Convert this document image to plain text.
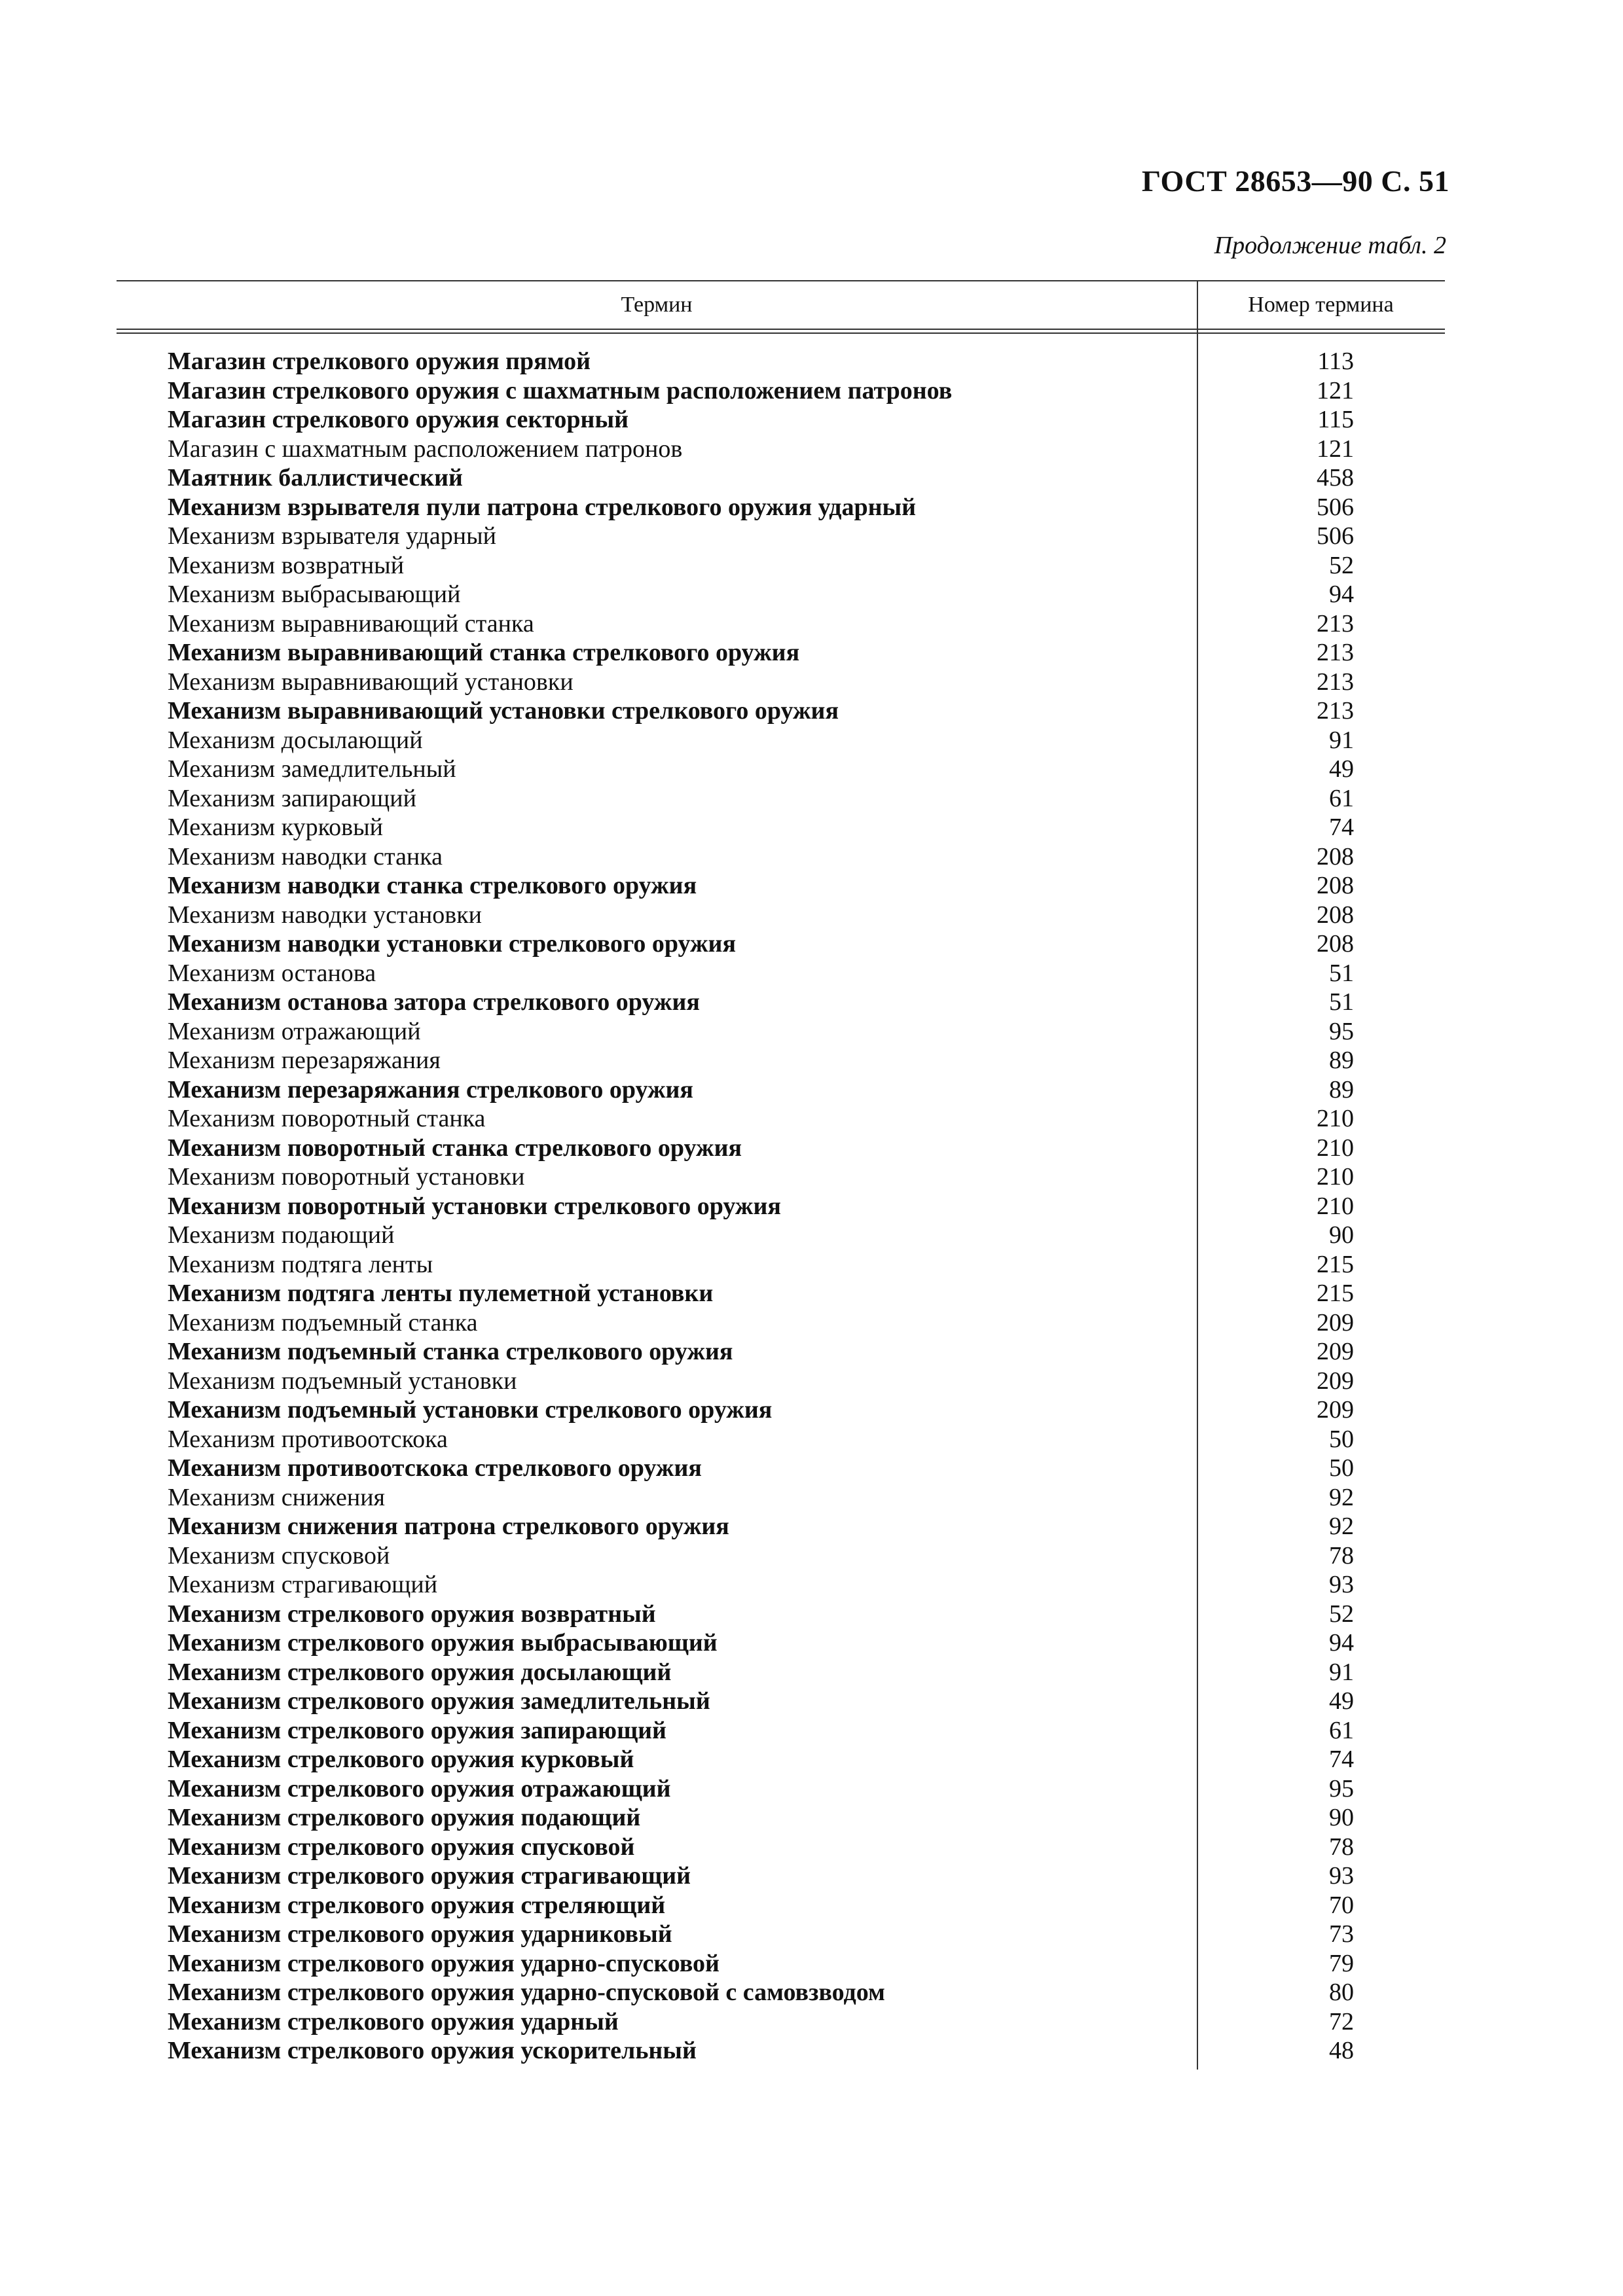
ГОСТ 28653—90 С. 51
Продолжение табл. 2
Термин	Номер термина
Магазин стрелкового оружия прямой	113
Магазин стрелкового оружия с шахматным расположением патронов	121
Магазин стрелкового оружия секторный	115
Магазин с шахматным расположением патронов	121
Маятник баллистический	458
Механизм взрывателя пули патрона стрелкового оружия ударный	506
Механизм взрывателя ударный	506
Механизм возвратный	52
Механизм выбрасывающий	94
Механизм выравнивающий станка	213
Механизм выравнивающий станка стрелкового оружия	213
Механизм выравнивающий установки	213
Механизм выравнивающий установки стрелкового оружия	213
Механизм досылающий	91
Механизм замедлительный	49
Механизм запирающий	61
Механизм курковый	74
Механизм наводки станка	208
Механизм наводки станка стрелкового оружия	208
Механизм наводки установки	208
Механизм наводки установки стрелкового оружия	208
Механизм останова	51
Механизм останова затора стрелкового оружия	51
Механизм отражающий	95
Механизм перезаряжания	89
Механизм перезаряжания стрелкового оружия	89
Механизм поворотный станка	210
Механизм поворотный станка стрелкового оружия	210
Механизм поворотный установки	210
Механизм поворотный установки стрелкового оружия	210
Механизм подающий	90
Механизм подтяга ленты	215
Механизм подтяга ленты пулеметной установки	215
Механизм подъемный станка	209
Механизм подъемный станка стрелкового оружия	209
Механизм подъемный установки	209
Механизм подъемный установки стрелкового оружия	209
Механизм противоотскока	50
Механизм противоотскока стрелкового оружия	50
Механизм снижения	92
Механизм снижения патрона стрелкового оружия	92
Механизм спусковой	78
Механизм страгивающий	93
Механизм стрелкового оружия возвратный	52
Механизм стрелкового оружия выбрасывающий	94
Механизм стрелкового оружия досылающий	91
Механизм стрелкового оружия замедлительный	49
Механизм стрелкового оружия запирающий	61
Механизм стрелкового оружия курковый	74
Механизм стрелкового оружия отражающий	95
Механизм стрелкового оружия подающий	90
Механизм стрелкового оружия спусковой	78
Механизм стрелкового оружия страгивающий	93
Механизм стрелкового оружия стреляющий	70
Механизм стрелкового оружия ударниковый	73
Механизм стрелкового оружия ударно-спусковой	79
Механизм стрелкового оружия ударно-спусковой с самовзводом	80
Механизм стрелкового оружия ударный	72
Механизм стрелкового оружия ускорительный	48
